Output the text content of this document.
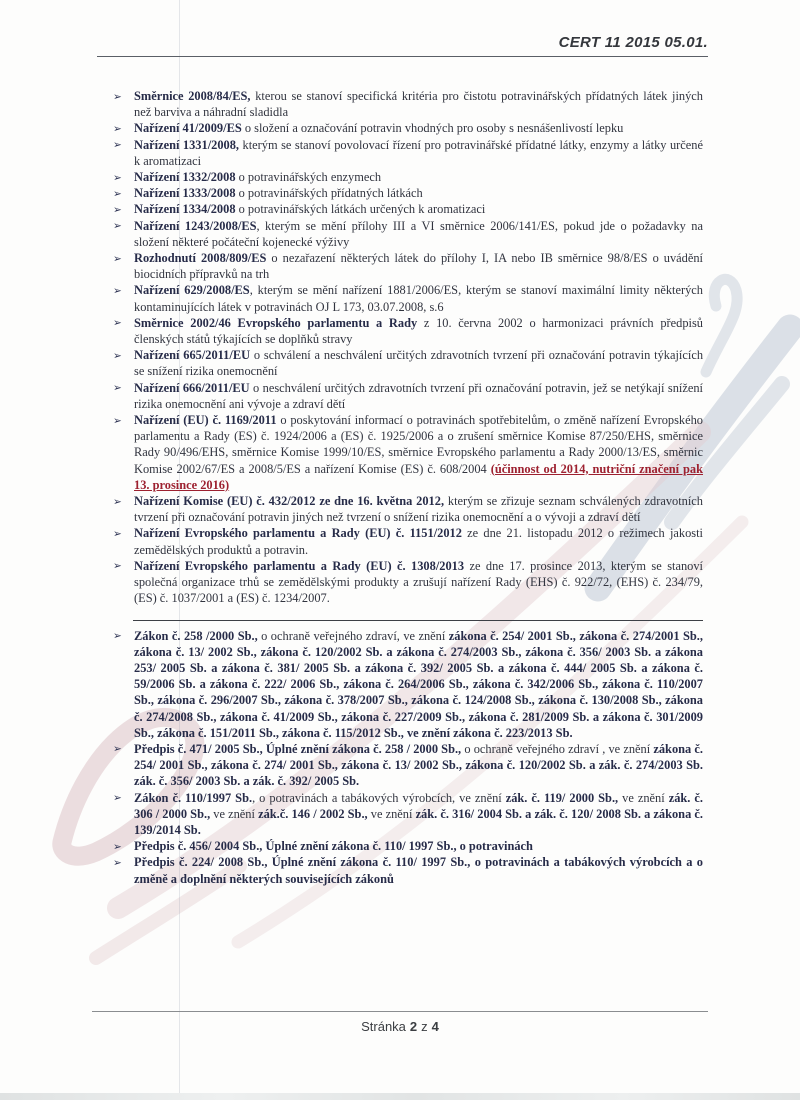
CERT 11 2015 05.01.
➢ Směrnice 2008/84/ES, kterou se stanoví specifická kritéria pro čistotu potravinářských přídatných látek jiných než barviva a náhradní sladidla
➢ Nařízení 41/2009/ES o složení a označování potravin vhodných pro osoby s nesnášenlivostí lepku
➢ Nařízení 1331/2008, kterým se stanoví povolovací řízení pro potravinářské přídatné látky, enzymy a látky určené k aromatizaci
➢ Nařízení 1332/2008 o potravinářských enzymech
➢ Nařízení 1333/2008 o potravinářských přídatných látkách
➢ Nařízení 1334/2008 o potravinářských látkách určených k aromatizaci
➢ Nařízení 1243/2008/ES, kterým se mění přílohy III a VI směrnice 2006/141/ES, pokud jde o požadavky na složení některé počáteční kojenecké výživy
➢ Rozhodnutí 2008/809/ES o nezařazení některých látek do přílohy I, IA nebo IB směrnice 98/8/ES o uvádění biocidních přípravků na trh
➢ Nařízení 629/2008/ES, kterým se mění nařízení 1881/2006/ES, kterým se stanoví maximální limity některých kontaminujících látek v potravinách OJ L 173, 03.07.2008, s.6
➢ Směrnice 2002/46 Evropského parlamentu a Rady z 10. června 2002 o harmonizaci právních předpisů členských států týkajících se doplňků stravy
➢ Nařízení 665/2011/EU o schválení a neschválení určitých zdravotních tvrzení při označování potravin týkajících se snížení rizika onemocnění
➢ Nařízení 666/2011/EU o neschválení určitých zdravotních tvrzení při označování potravin, jež se netýkají snížení rizika onemocnění ani vývoje a zdraví dětí
➢ Nařízení (EU) č. 1169/2011 o poskytování informací o potravinách spotřebitelům, o změně nařízení Evropského parlamentu a Rady (ES) č. 1924/2006 a (ES) č. 1925/2006 a o zrušení směrnice Komise 87/250/EHS, směrnice Rady 90/496/EHS, směrnice Komise 1999/10/ES, směrnice Evropského parlamentu a Rady 2000/13/ES, směrnic Komise 2002/67/ES a 2008/5/ES a nařízení Komise (ES) č. 608/2004 (účinnost od 2014, nutriční značení pak 13. prosince 2016)
➢ Nařízení Komise (EU) č. 432/2012 ze dne 16. května 2012, kterým se zřizuje seznam schválených zdravotních tvrzení při označování potravin jiných než tvrzení o snížení rizika onemocnění a o vývoji a zdraví dětí
➢ Nařízení Evropského parlamentu a Rady (EU) č. 1151/2012 ze dne 21. listopadu 2012 o režimech jakosti zemědělských produktů a potravin.
➢ Nařízení Evropského parlamentu a Rady (EU) č. 1308/2013 ze dne 17. prosince 2013, kterým se stanoví společná organizace trhů se zemědělskými produkty a zrušují nařízení Rady (EHS) č. 922/72, (EHS) č. 234/79, (ES) č. 1037/2001 a (ES) č. 1234/2007.
➢ Zákon č. 258 /2000 Sb., o ochraně veřejného zdraví, ve znění zákona č. 254/ 2001 Sb., zákona č. 274/2001 Sb., zákona č. 13/ 2002 Sb., zákona č. 120/2002 Sb. a zákona č. 274/2003 Sb., zákona č. 356/ 2003 Sb. a zákona 253/ 2005 Sb. a zákona č. 381/ 2005 Sb. a zákona č. 392/ 2005 Sb. a zákona č. 444/ 2005 Sb. a zákona č. 59/2006 Sb. a zákona č. 222/ 2006 Sb., zákona č. 264/2006 Sb., zákona č. 342/2006 Sb., zákona č. 110/2007 Sb., zákona č. 296/2007 Sb., zákona č. 378/2007 Sb., zákona č. 124/2008 Sb., zákona č. 130/2008 Sb., zákona č. 274/2008 Sb., zákona č. 41/2009 Sb., zákona č. 227/2009 Sb., zákona č. 281/2009 Sb. a zákona č. 301/2009 Sb., zákona č. 151/2011 Sb., zákona č. 115/2012 Sb., ve znění zákona č. 223/2013 Sb.
➢ Předpis č. 471/ 2005 Sb., Úplné znění zákona č. 258 / 2000 Sb., o ochraně veřejného zdraví , ve znění zákona č. 254/ 2001 Sb., zákona č. 274/ 2001 Sb., zákona č. 13/ 2002 Sb., zákona č. 120/2002 Sb. a zák. č. 274/2003 Sb. zák. č. 356/ 2003 Sb. a zák. č. 392/ 2005 Sb.
➢ Zákon č. 110/1997 Sb., o potravinách a tabákových výrobcích, ve znění zák. č. 119/ 2000 Sb., ve znění zák. č. 306 / 2000 Sb., ve znění zák.č. 146 / 2002 Sb., ve znění zák. č. 316/ 2004 Sb. a zák. č. 120/ 2008 Sb. a zákona č. 139/2014 Sb.
➢ Předpis č. 456/ 2004 Sb., Úplné znění zákona č. 110/ 1997 Sb., o potravinách
➢ Předpis č. 224/ 2008 Sb., Úplné znění zákona č. 110/ 1997 Sb., o potravinách a tabákových výrobcích a o změně a doplnění některých souvisejících zákonů
Stránka 2 z 4
